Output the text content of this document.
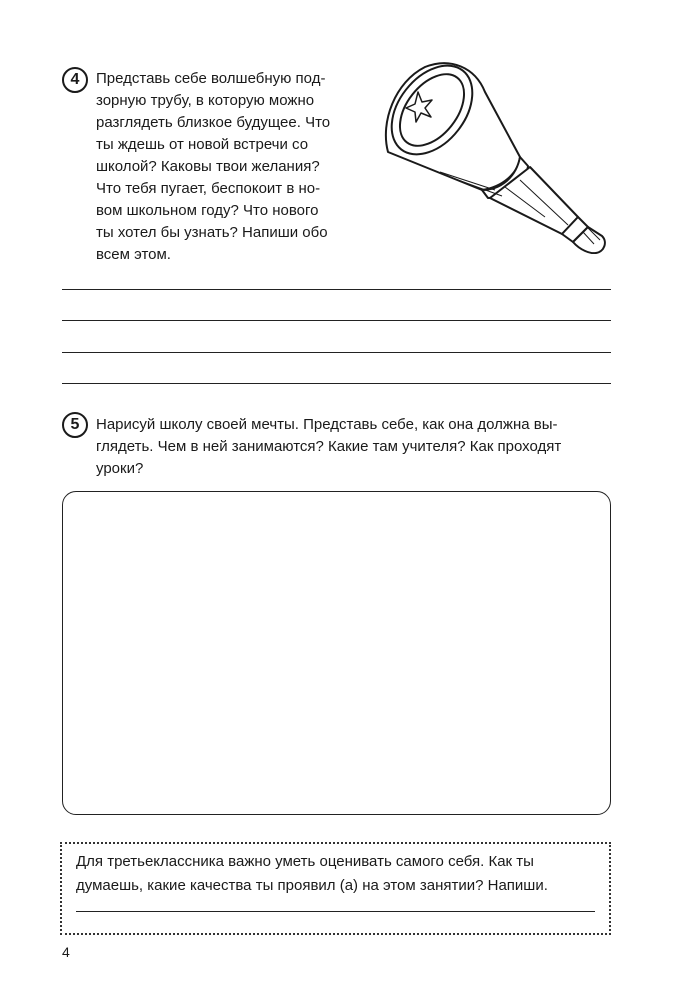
4 Представь себе волшебную под-
зорную трубу, в которую можно
разглядеть близкое будущее. Что
ты ждешь от новой встречи со
школой? Каковы твои желания?
Что тебя пугает, беспокоит в но-
вом школьном году? Что нового
ты хотел бы узнать? Напиши обо
всем этом.
5 Нарисуй школу своей мечты. Представь себе, как она должна вы-
глядеть. Чем в ней занимаются? Какие там учителя? Как проходят
уроки?
Для третьеклассника важно уметь оценивать самого себя. Как ты
думаешь, какие качества ты проявил (а) на этом занятии? Напиши.
4
